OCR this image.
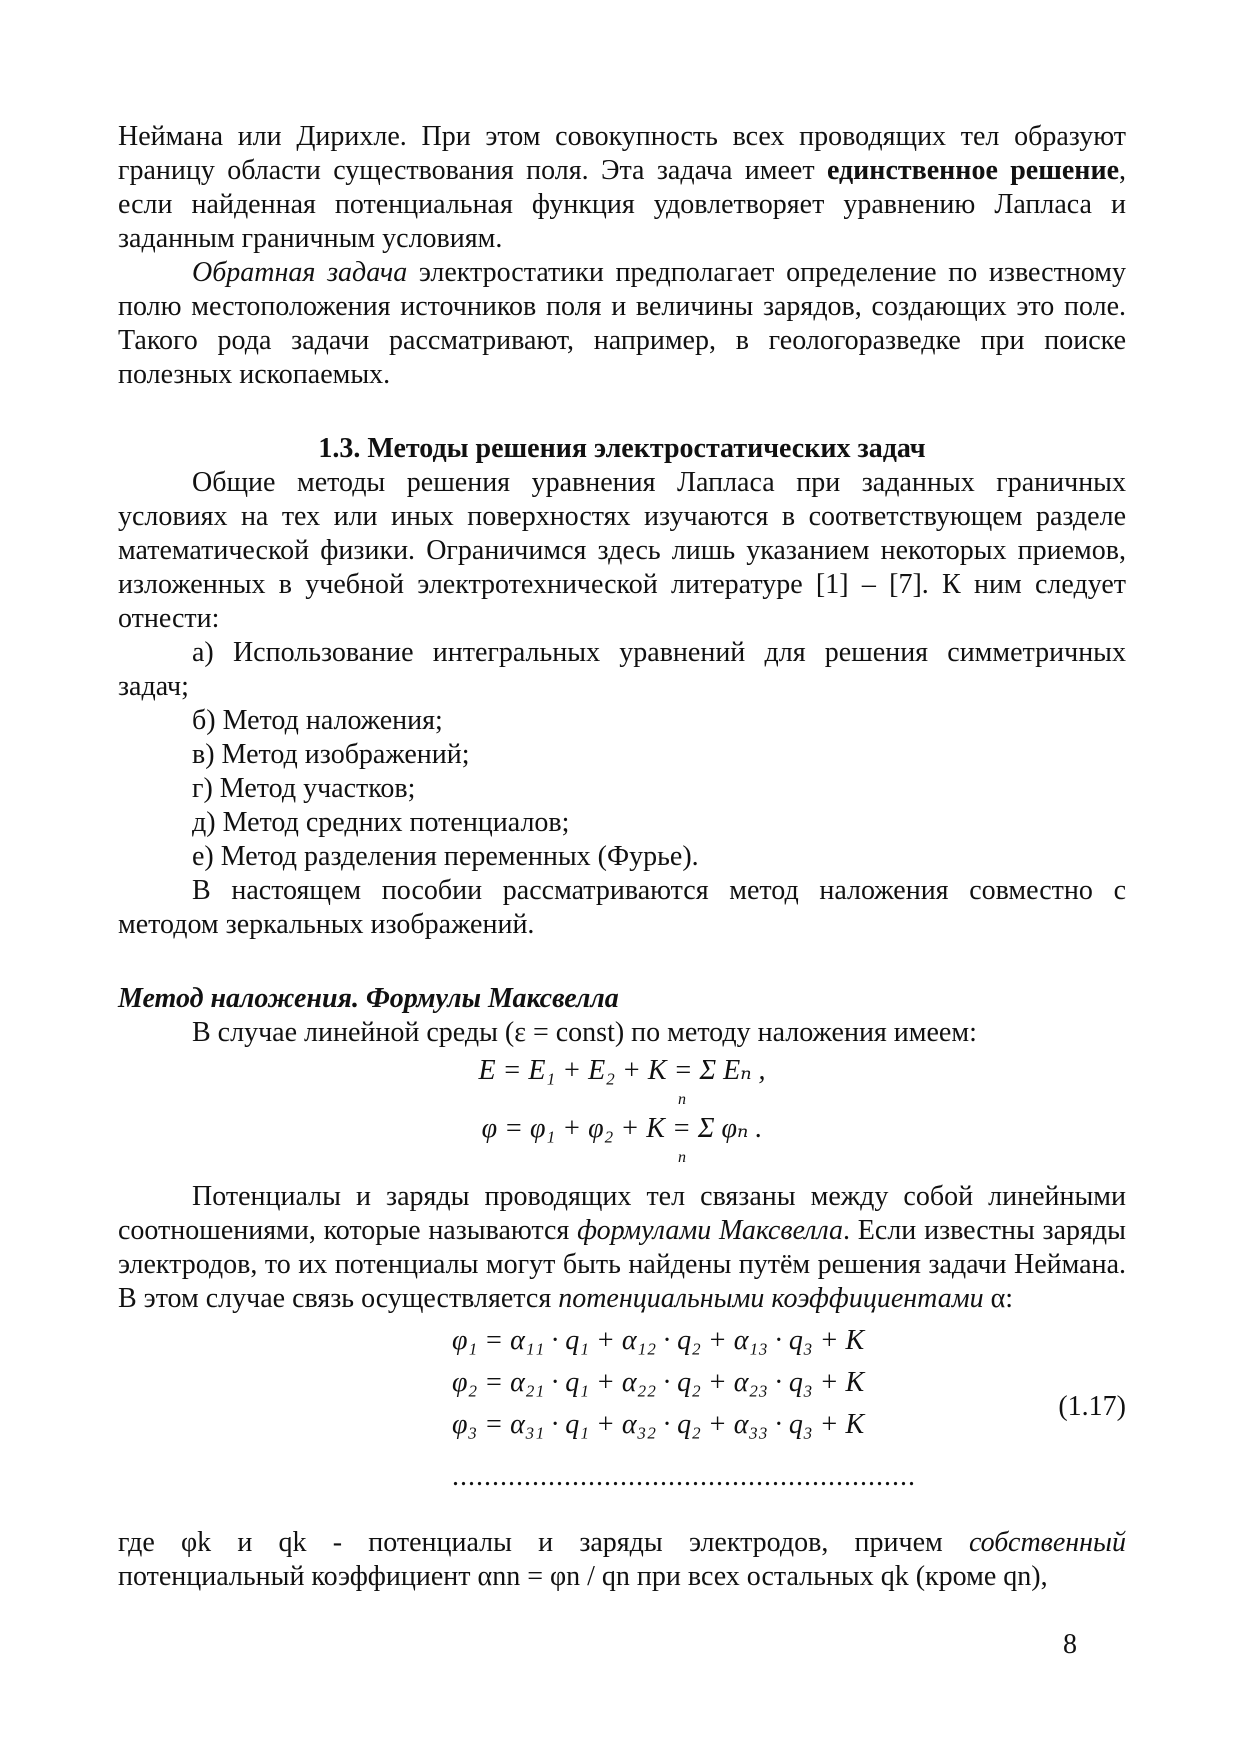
Неймана или Дирихле. При этом совокупность всех проводящих тел образуют границу области существования поля. Эта задача имеет единственное решение, если найденная потенциальная функция удовлетворяет уравнению Лапласа и заданным граничным условиям.

Обратная задача электростатики предполагает определение по известному полю местоположения источников поля и величины зарядов, создающих это поле. Такого рода задачи рассматривают, например, в геологоразведке при поиске полезных ископаемых.

1.3. Методы решения электростатических задач

Общие методы решения уравнения Лапласа при заданных граничных условиях на тех или иных поверхностях изучаются в соответствующем разделе математической физики. Ограничимся здесь лишь указанием некоторых приемов, изложенных в учебной электротехнической литературе [1] – [7]. К ним следует отнести:

а) Использование интегральных уравнений для решения симметричных задач;

б) Метод наложения;

в) Метод изображений;

г) Метод участков;

д) Метод средних потенциалов;

е) Метод разделения переменных (Фурье).

В настоящем пособии рассматриваются метод наложения совместно с методом зеркальных изображений.

Метод наложения. Формулы Максвелла

В случае линейной среды (ε = const) по методу наложения имеем:

E = E₁ + E₂ + K = Σ Eₙ ,

n

φ = φ₁ + φ₂ + K = Σ φₙ .

n

Потенциалы и заряды проводящих тел связаны между собой линейными соотношениями, которые называются формулами Максвелла. Если известны заряды электродов, то их потенциалы могут быть найдены путём решения задачи Неймана. В этом случае связь осуществляется потенциальными коэффициентами α:

φ₁ = α₁₁ · q₁ + α₁₂ · q₂ + α₁₃ · q₃ + K
φ₂ = α₂₁ · q₁ + α₂₂ · q₂ + α₂₃ · q₃ + K
φ₃ = α₃₁ · q₁ + α₃₂ · q₂ + α₃₃ · q₃ + K
..........................................................
(1.17)

где φk и qk - потенциалы и заряды электродов, причем собственный потенциальный коэффициент αnn = φn / qn при всех остальных qk (кроме qn),

8
